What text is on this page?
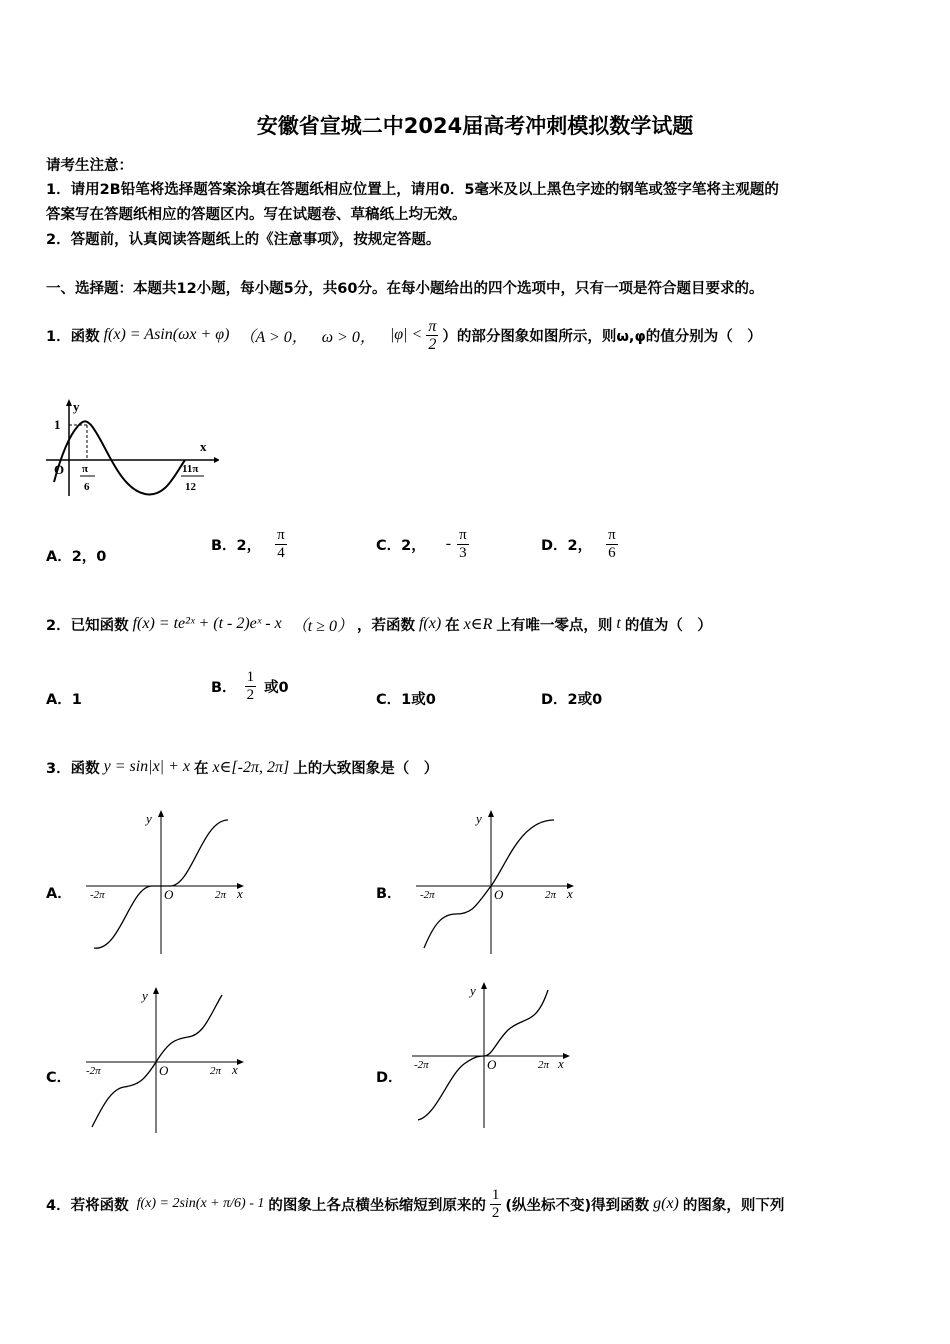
安徽省宣城二中2024届高考冲刺模拟数学试题
请考生注意：
1．请用2B铅笔将选择题答案涂填在答题纸相应位置上，请用0．5毫米及以上黑色字迹的钢笔或签字笔将主观题的
答案写在答题纸相应的答题区内。写在试题卷、草稿纸上均无效。
2．答题前，认真阅读答题纸上的《注意事项》，按规定答题。
一、选择题：本题共12小题，每小题5分，共60分。在每小题给出的四个选项中，只有一项是符合题目要求的。
1．函数 f(x) = Asin(ωx + φ) （A > 0， ω > 0， $|\varphi| < \frac{\pi}{2}$ ）的部分图象如图所示，则ω,φ的值分别为（　）
y
x
1
O π
6
11π
12
A．2，0
B．2， $\frac{\pi}{4}$	C．2， - $\frac{\pi}{3}$	D．2， $\frac{\pi}{6}$
2．已知函数 f(x) = te²ˣ + (t - 2)eˣ - x （t ≥ 0） ，若函数 f(x) 在 x∈R 上有唯一零点，则 t 的值为（　）
A．1
B． $\frac{1}{2}$ 或0
C．1或0	D．2或0
3．函数 y = sin|x| + x 在 x∈[-2π, 2π] 上的大致图象是（　）
A．	B．
C．	D．
y
x
O
-2π	2π
y
x
O
-2π	2π
y
x
O
-2π	2π
y
x
O
-2π	2π
4．若将函数 f(x) = 2sin(x + π/6) - 1 的图象上各点横坐标缩短到原来的 $\frac{1}{2}$ (纵坐标不变)得到函数 g(x) 的图象，则下列
